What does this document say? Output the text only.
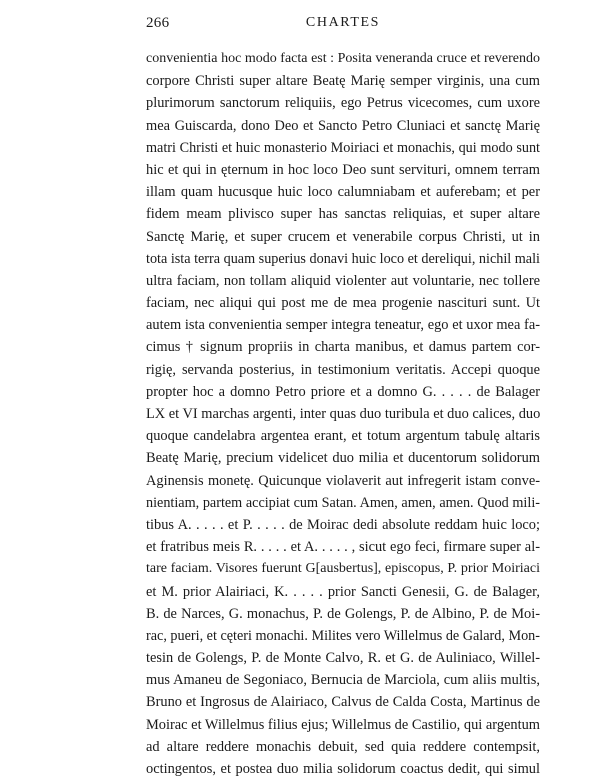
266	CHARTES
convenientia hoc modo facta est : Posita veneranda cruce et reverendo
corpore Christi super altare Beatę Marię semper virginis, una cum
plurimorum sanctorum reliquiis, ego Petrus vicecomes, cum uxore
mea Guiscarda, dono Deo et Sancto Petro Cluniaci et sanctę Marię
matri Christi et huic monasterio Moiriaci et monachis, qui modo sunt
hic et qui in ęternum in hoc loco Deo sunt servituri, omnem terram
illam quam hucusque huic loco calumniabam et auferebam; et per
fidem meam plivisco super has sanctas reliquias, et super altare
Sanctę Marię, et super crucem et venerabile corpus Christi, ut in
tota ista terra quam superius donavi huic loco et dereliqui, nichil mali
ultra faciam, non tollam aliquid violenter aut voluntarie, nec tollere
faciam, nec aliqui qui post me de mea progenie nascituri sunt. Ut
autem ista convenientia semper integra teneatur, ego et uxor mea fa-
cimus † signum propriis in charta manibus, et damus partem cor-
rigię, servanda posterius, in testimonium veritatis. Accepi quoque
propter hoc a domno Petro priore et a domno G. . . . . de Balager
LX et VI marchas argenti, inter quas duo turibula et duo calices, duo
quoque candelabra argentea erant, et totum argentum tabulę altaris
Beatę Marię, precium videlicet duo milia et ducentorum solidorum
Aginensis monetę. Quicunque violaverit aut infregerit istam conve-
nientiam, partem accipiat cum Satan. Amen, amen, amen. Quod mili-
tibus A. . . . . et P. . . . . de Moirac dedi absolute reddam huic loco;
et fratribus meis R. . . . . et A. . . . . , sicut ego feci, firmare super al-
tare faciam. Visores fuerunt G[ausbertus], episcopus, P. prior Moiriaci
et M. prior Alairiaci, K. . . . . prior Sancti Genesii, G. de Balager,
B. de Narces, G. monachus, P. de Golengs, P. de Albino, P. de Moi-
rac, pueri, et cęteri monachi. Milites vero Willelmus de Galard, Mon-
tesin de Golengs, P. de Monte Calvo, R. et G. de Auliniaco, Willel-
mus Amaneu de Segoniaco, Bernucia de Marciola, cum aliis multis,
Bruno et Ingrosus de Alairiaco, Calvus de Calda Costa, Martinus de
Moirac et Willelmus filius ejus; Willelmus de Castilio, qui argentum
ad altare reddere monachis debuit, sed quia reddere contempsit,
octingentos, et postea duo milia solidorum coactus dedit, qui simul
